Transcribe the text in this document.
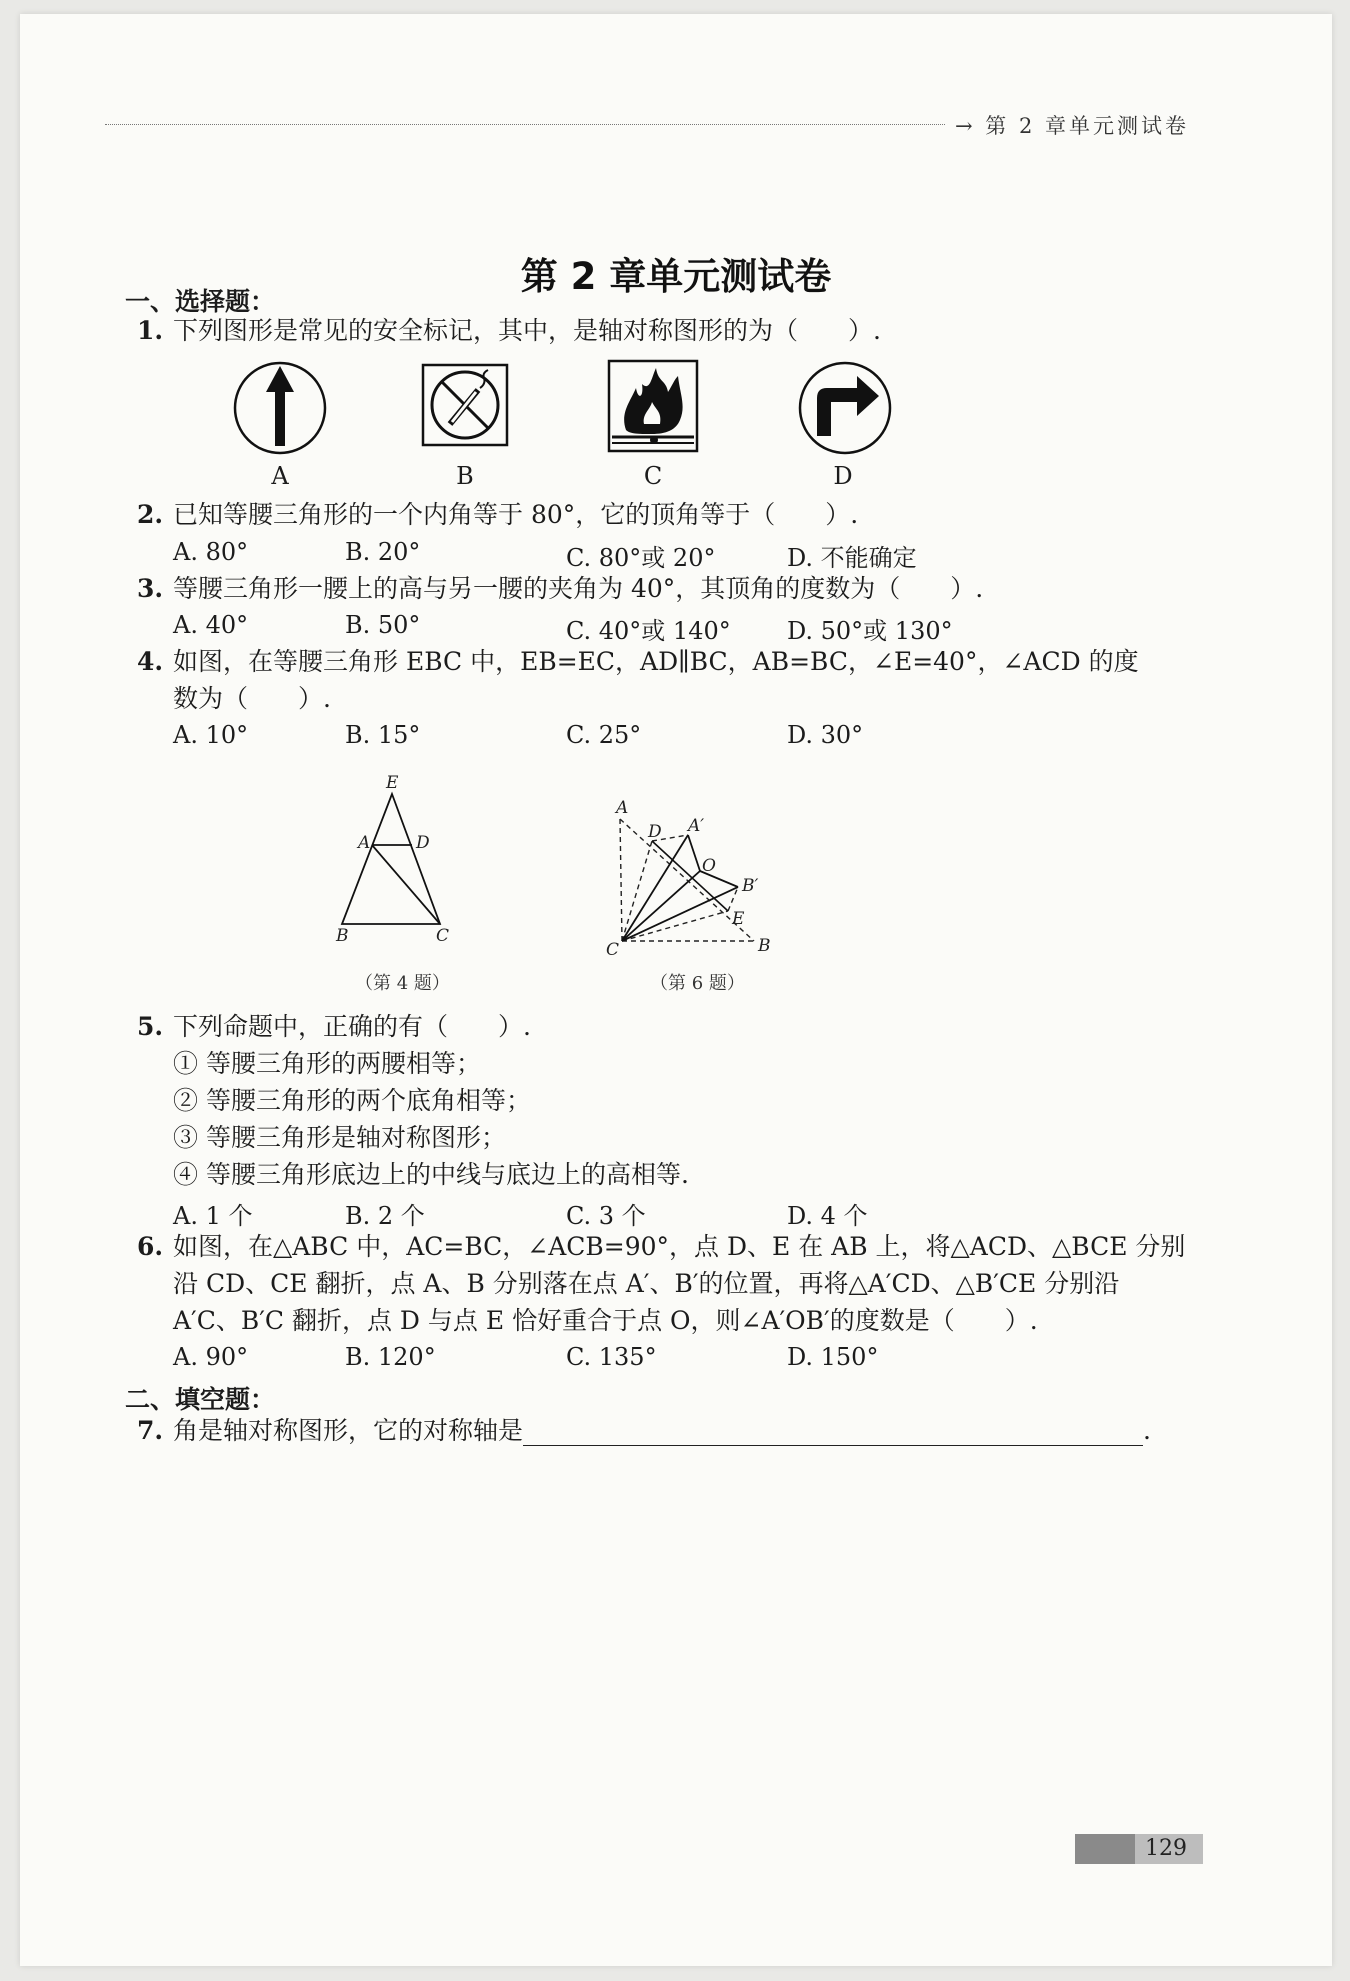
→ 第 2 章单元测试卷
第 2 章单元测试卷
一、选择题：
1. 下列图形是常见的安全标记，其中，是轴对称图形的为（　　）.
A	B	C	D
2. 已知等腰三角形的一个内角等于 80°，它的顶角等于（　　）.
A. 80°	B. 20°	C. 80°或 20°	D. 不能确定
3. 等腰三角形一腰上的高与另一腰的夹角为 40°，其顶角的度数为（　　）.
A. 40°	B. 50°	C. 40°或 140° D. 50°或 130°
4. 如图，在等腰三角形 EBC 中，EB=EC，AD∥BC，AB=BC，∠E=40°，∠ACD 的度
数为（　　）.
A. 10°	B. 15°	C. 25°	D. 30°
E
A	D
B	C
（第 4 题）
A
D A′
O
B′
E
C	B
（第 6 题）
5. 下列命题中，正确的有（　　）.
① 等腰三角形的两腰相等；
② 等腰三角形的两个底角相等；
③ 等腰三角形是轴对称图形；
④ 等腰三角形底边上的中线与底边上的高相等.
A. 1 个	B. 2 个	C. 3 个	D. 4 个
6. 如图，在△ABC 中，AC=BC，∠ACB=90°，点 D、E 在 AB 上，将△ACD、△BCE 分别
沿 CD、CE 翻折，点 A、B 分别落在点 A′、B′的位置，再将△A′CD、△B′CE 分别沿
A′C、B′C 翻折，点 D 与点 E 恰好重合于点 O，则∠A′OB′的度数是（　　）.
A. 90°	B. 120°	C. 135°	D. 150°
二、填空题：
7. 角是轴对称图形，它的对称轴是	.
129
